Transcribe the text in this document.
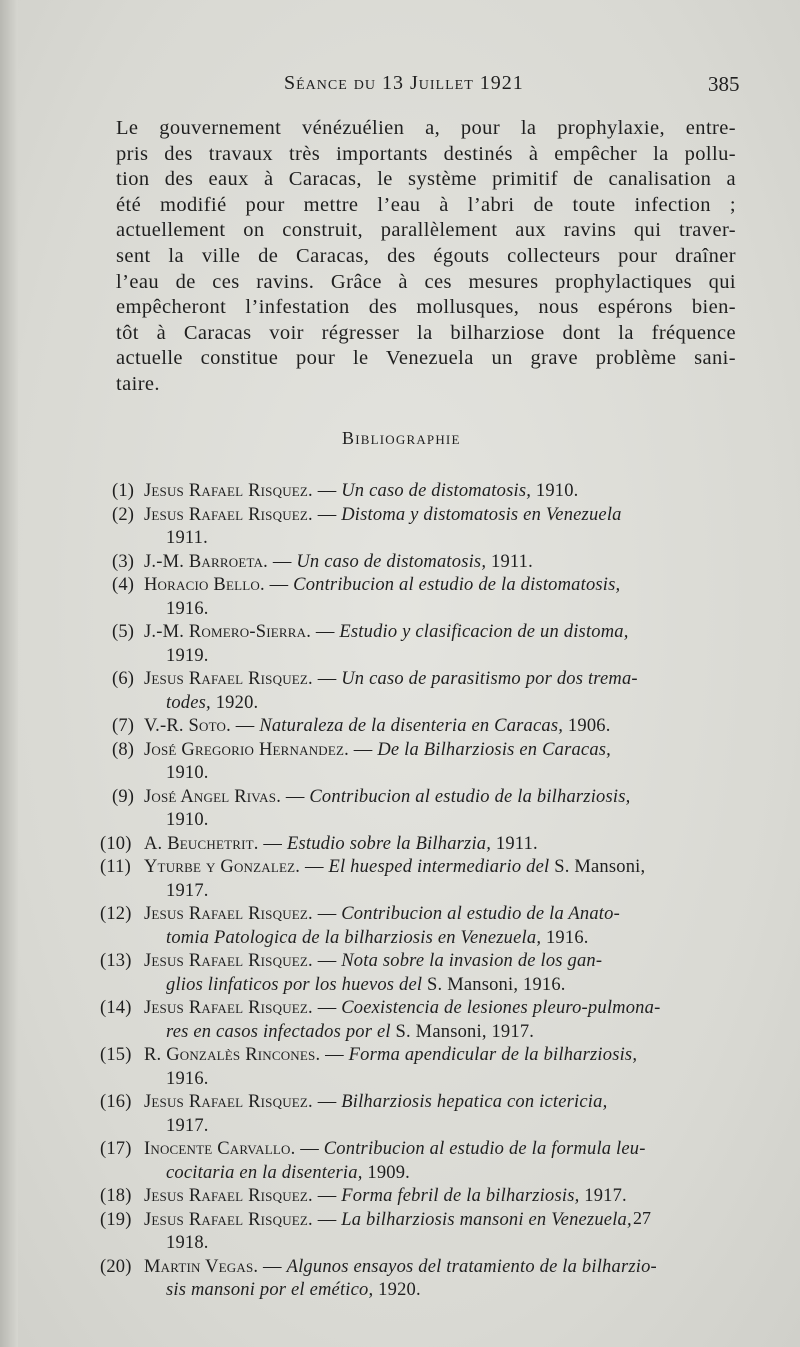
Séance du 13 Juillet 1921	385
Le gouvernement vénézuélien a, pour la prophylaxie, entre-
pris des travaux très importants destinés à empêcher la pollu-
tion des eaux à Caracas, le système primitif de canalisation a
été modifié pour mettre l’eau à l’abri de toute infection ;
actuellement on construit, parallèlement aux ravins qui traver-
sent la ville de Caracas, des égouts collecteurs pour draîner
l’eau de ces ravins. Grâce à ces mesures prophylactiques qui
empêcheront l’infestation des mollusques, nous espérons bien-
tôt à Caracas voir régresser la bilharziose dont la fréquence
actuelle constitue pour le Venezuela un grave problème sani-
taire.
Bibliographie
(1) Jesus Rafael Risquez. — Un caso de distomatosis, 1910.
(2) Jesus Rafael Risquez. — Distoma y distomatosis en Venezuela
1911.
(3) J.-M. Barroeta. — Un caso de distomatosis, 1911.
(4) Horacio Bello. — Contribucion al estudio de la distomatosis,
1916.
(5) J.-M. Romero-Sierra. — Estudio y clasificacion de un distoma,
1919.
(6) Jesus Rafael Risquez. — Un caso de parasitismo por dos trema-
todes, 1920.
(7) V.-R. Soto. — Naturaleza de la disenteria en Caracas, 1906.
(8) José Gregorio Hernandez. — De la Bilharziosis en Caracas,
1910.
(9) José Angel Rivas. — Contribucion al estudio de la bilharziosis,
1910.
(10) A. Beuchetrit. — Estudio sobre la Bilharzia, 1911.
(11) Yturbe y Gonzalez. — El huesped intermediario del S. Mansoni,
1917.
(12) Jesus Rafael Risquez. — Contribucion al estudio de la Anato-
tomia Patologica de la bilharziosis en Venezuela, 1916.
(13) Jesus Rafael Risquez. — Nota sobre la invasion de los gan-
glios linfaticos por los huevos del S. Mansoni, 1916.
(14) Jesus Rafael Risquez. — Coexistencia de lesiones pleuro-pulmona-
res en casos infectados por el S. Mansoni, 1917.
(15) R. Gonzalès Rincones. — Forma apendicular de la bilharziosis,
1916.
(16) Jesus Rafael Risquez. — Bilharziosis hepatica con ictericia,
1917.
(17) Inocente Carvallo. — Contribucion al estudio de la formula leu-
cocitaria en la disenteria, 1909.
(18) Jesus Rafael Risquez. — Forma febril de la bilharziosis, 1917.
(19) Jesus Rafael Risquez. — La bilharziosis mansoni en Venezuela,
1918.
(20) Martin Vegas. — Algunos ensayos del tratamiento de la bilharzio-
sis mansoni por el emético, 1920.
27
